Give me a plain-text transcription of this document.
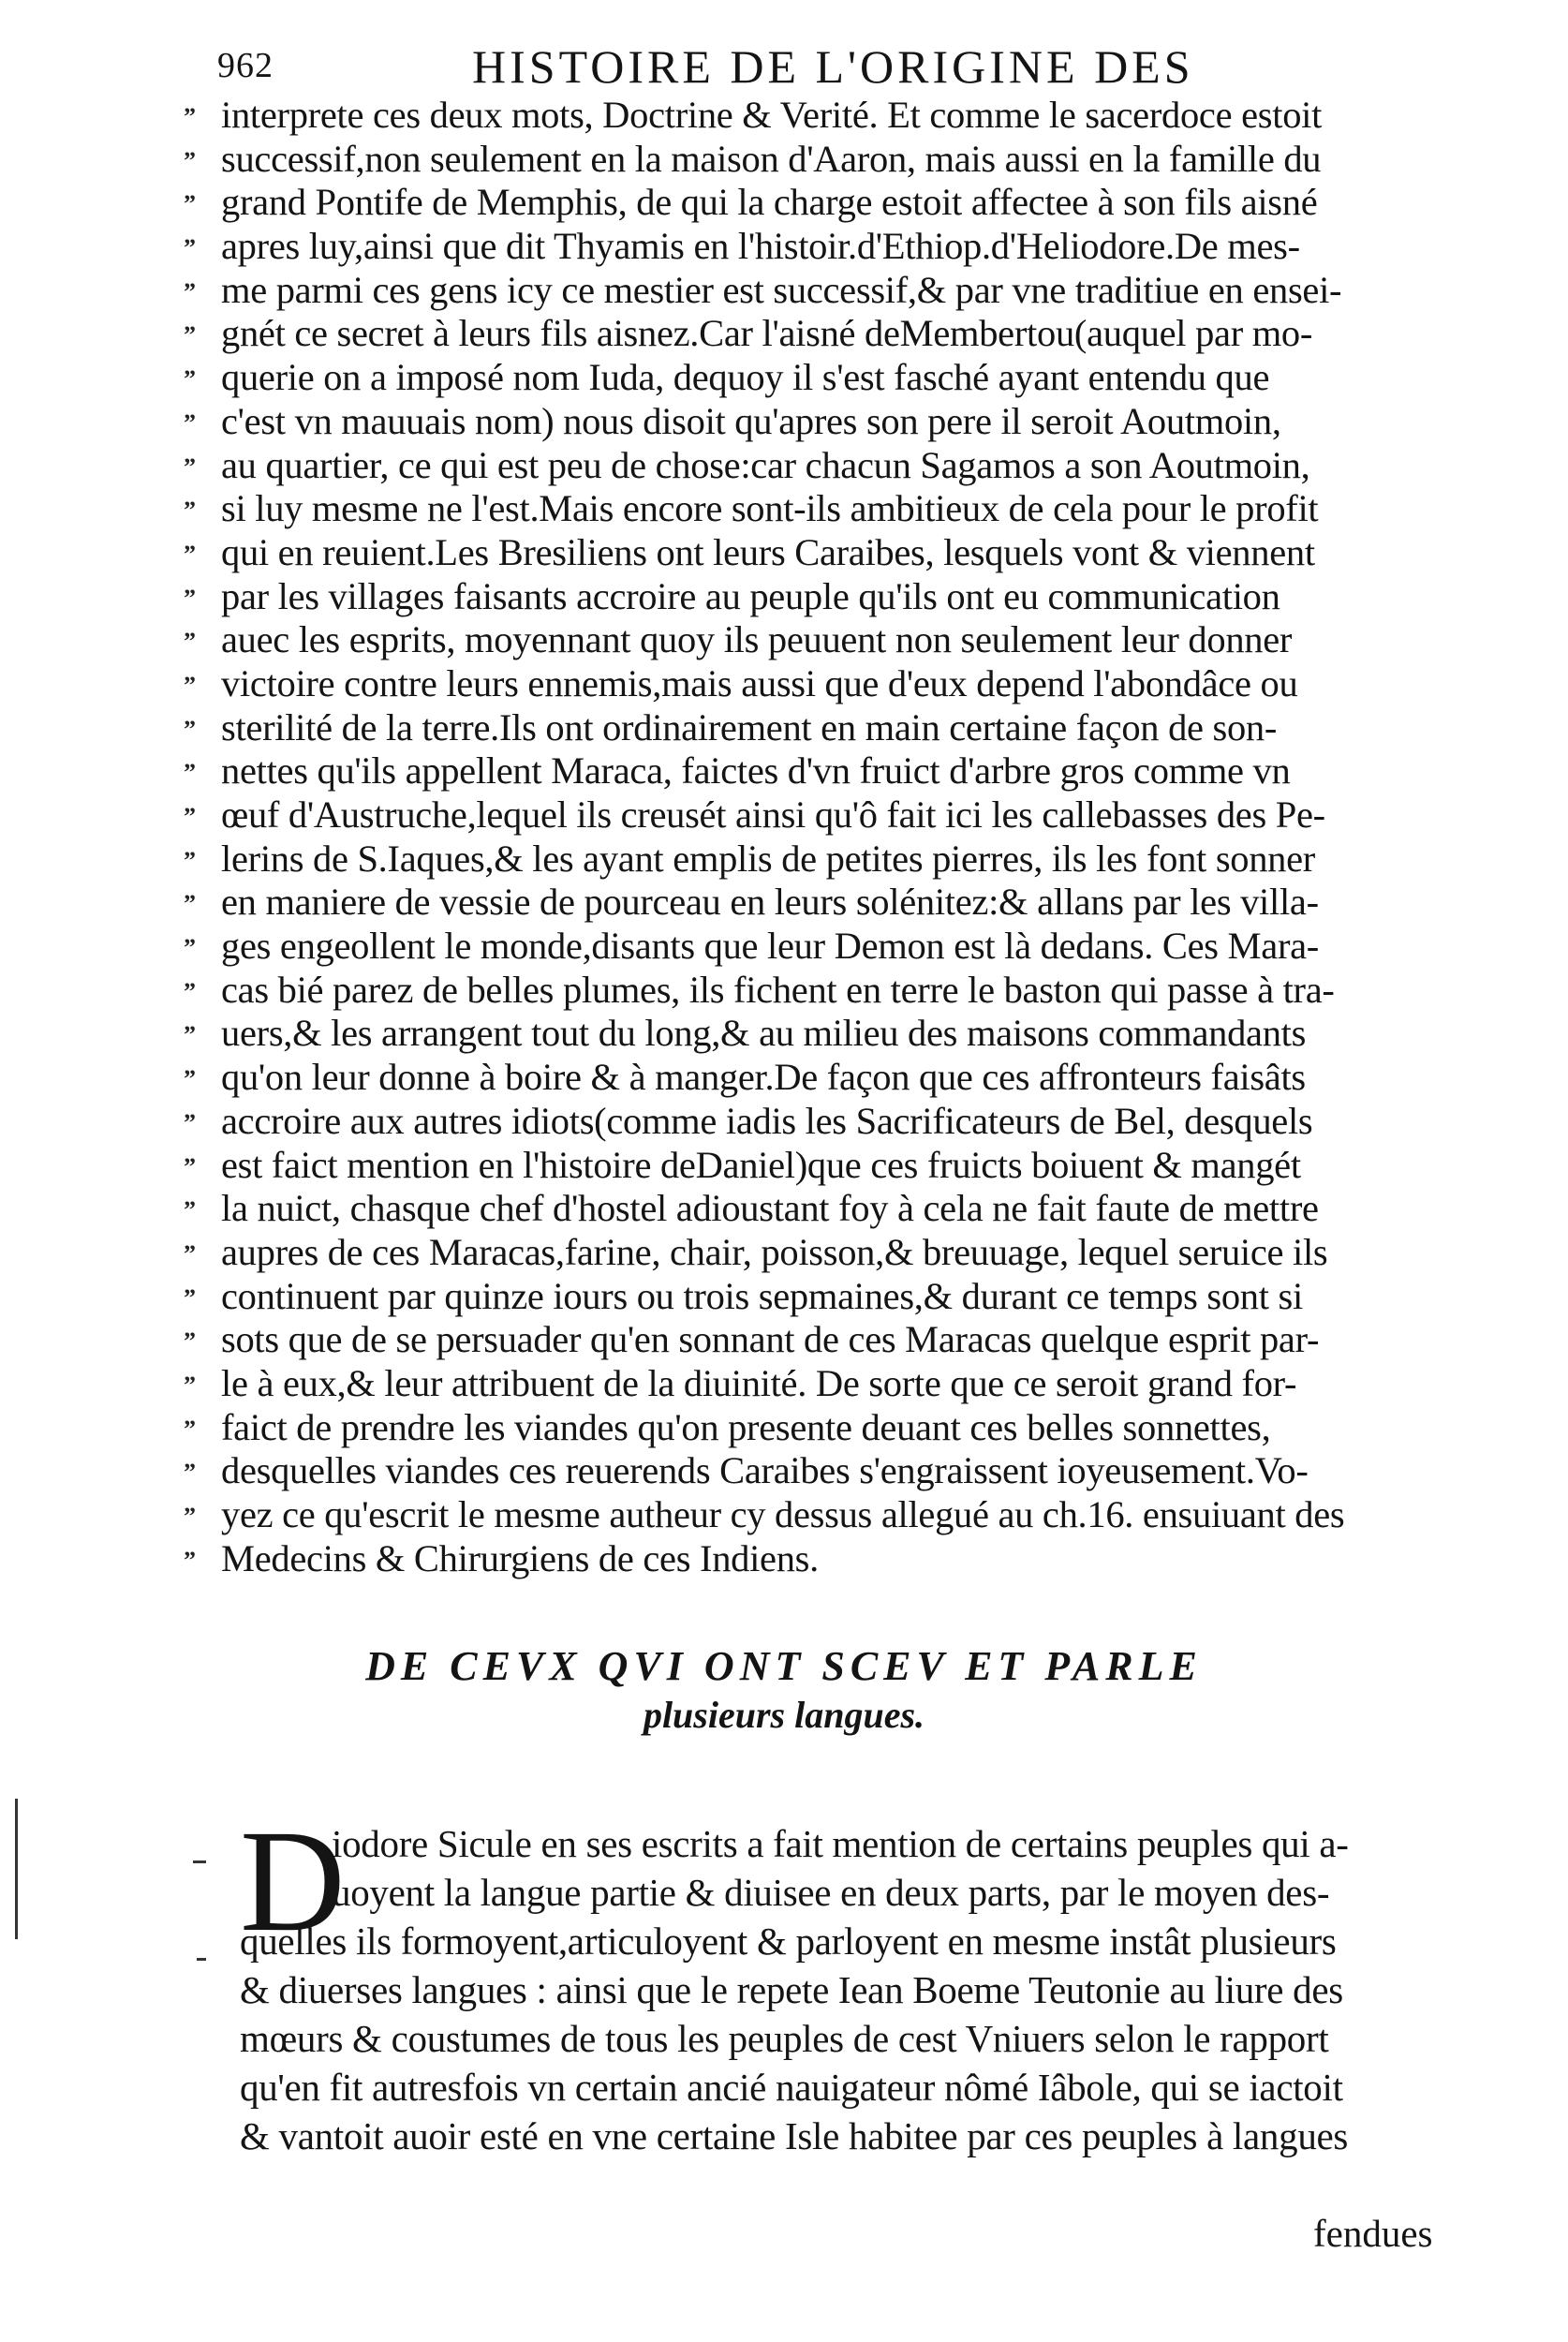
962	HISTOIRE DE L'ORIGINE DES
” interprete ces deux mots, Doctrine & Verité. Et comme le sacerdoce estoit
” successif,non seulement en la maison d'Aaron, mais aussi en la famille du
” grand Pontife de Memphis, de qui la charge estoit affectee à son fils aisné
” apres luy,ainsi que dit Thyamis en l'histoir.d'Ethiop.d'Heliodore.De mes-
” me parmi ces gens icy ce mestier est successif,& par vne traditiue en ensei-
” gnét ce secret à leurs fils aisnez.Car l'aisné deMembertou(auquel par mo-
” querie on a imposé nom Iuda, dequoy il s'est fasché ayant entendu que
” c'est vn mauuais nom) nous disoit qu'apres son pere il seroit Aoutmoin,
” au quartier, ce qui est peu de chose:car chacun Sagamos a son Aoutmoin,
” si luy mesme ne l'est.Mais encore sont-ils ambitieux de cela pour le profit
” qui en reuient.Les Bresiliens ont leurs Caraibes, lesquels vont & viennent
” par les villages faisants accroire au peuple qu'ils ont eu communication
” auec les esprits, moyennant quoy ils peuuent non seulement leur donner
” victoire contre leurs ennemis,mais aussi que d'eux depend l'abondâce ou
” sterilité de la terre.Ils ont ordinairement en main certaine façon de son-
” nettes qu'ils appellent Maraca, faictes d'vn fruict d'arbre gros comme vn
” œuf d'Austruche,lequel ils creusét ainsi qu'ô fait ici les callebasses des Pe-
” lerins de S.Iaques,& les ayant emplis de petites pierres, ils les font sonner
” en maniere de vessie de pourceau en leurs solénitez:& allans par les villa-
” ges engeollent le monde,disants que leur Demon est là dedans. Ces Mara-
” cas bié parez de belles plumes, ils fichent en terre le baston qui passe à tra-
” uers,& les arrangent tout du long,& au milieu des maisons commandants
” qu'on leur donne à boire & à manger.De façon que ces affronteurs faisâts
” accroire aux autres idiots(comme iadis les Sacrificateurs de Bel, desquels
” est faict mention en l'histoire deDaniel)que ces fruicts boiuent & mangét
” la nuict, chasque chef d'hostel adioustant foy à cela ne fait faute de mettre
” aupres de ces Maracas,farine, chair, poisson,& breuuage, lequel seruice ils
” continuent par quinze iours ou trois sepmaines,& durant ce temps sont si
” sots que de se persuader qu'en sonnant de ces Maracas quelque esprit par-
” le à eux,& leur attribuent de la diuinité. De sorte que ce seroit grand for-
” faict de prendre les viandes qu'on presente deuant ces belles sonnettes,
” desquelles viandes ces reuerends Caraibes s'engraissent ioyeusement.Vo-
” yez ce qu'escrit le mesme autheur cy dessus allegué au ch.16. ensuiuant des
” Medecins & Chirurgiens de ces Indiens.
DE CEVX QVI ONT SCEV ET PARLE
plusieurs langues.
D
iodore Sicule en ses escrits a fait mention de certains peuples qui a-
uoyent la langue partie & diuisee en deux parts, par le moyen des-
quelles ils formoyent,articuloyent & parloyent en mesme instât plusieurs
& diuerses langues : ainsi que le repete Iean Boeme Teutonie au liure des
mœurs & coustumes de tous les peuples de cest Vniuers selon le rapport
qu'en fit autresfois vn certain ancié nauigateur nômé Iâbole, qui se iactoit
& vantoit auoir esté en vne certaine Isle habitee par ces peuples à langues
fendues
